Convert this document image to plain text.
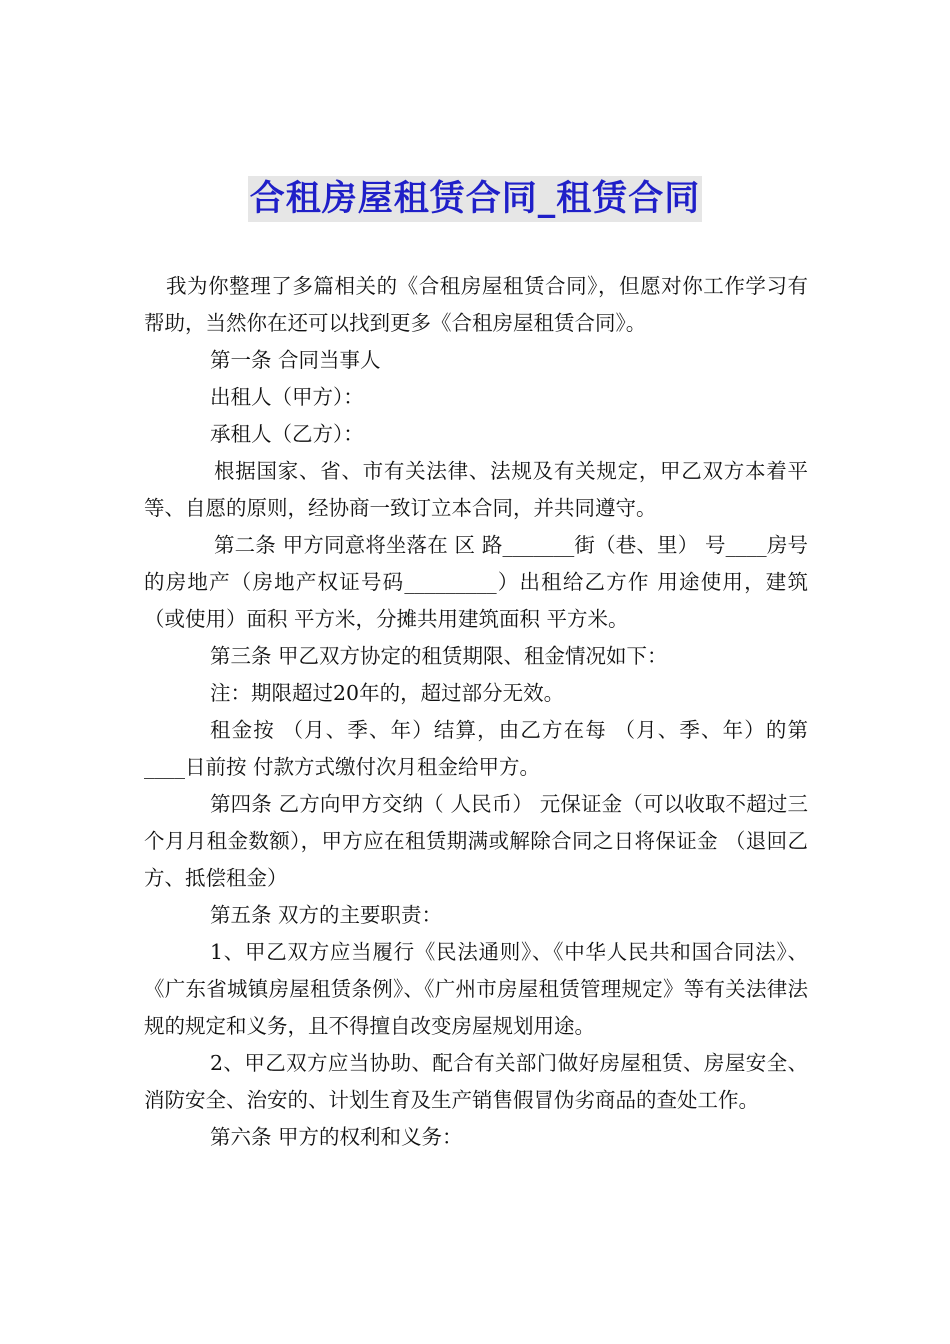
合租房屋租赁合同_租赁合同

我为你整理了多篇相关的《合租房屋租赁合同》，但愿对你工作学习有帮助，当然你在还可以找到更多《合租房屋租赁合同》。

第一条 合同当事人

出租人（甲方）：

承租人（乙方）：

根据国家、省、市有关法律、法规及有关规定，甲乙双方本着平等、自愿的原则，经协商一致订立本合同，并共同遵守。

第二条 甲方同意将坐落在 区 路_______街（巷、里） 号____房号的房地产（房地产权证号码_________）出租给乙方作 用途使用，建筑（或使用）面积 平方米，分摊共用建筑面积 平方米。

第三条 甲乙双方协定的租赁期限、租金情况如下：

注：期限超过20年的，超过部分无效。

租金按 （月、季、年）结算，由乙方在每 （月、季、年）的第____日前按 付款方式缴付次月租金给甲方。

第四条 乙方向甲方交纳（ 人民币） 元保证金（可以收取不超过三个月月租金数额），甲方应在租赁期满或解除合同之日将保证金 （退回乙方、抵偿租金）

第五条 双方的主要职责：

1、甲乙双方应当履行《民法通则》、《中华人民共和国合同法》、《广东省城镇房屋租赁条例》、《广州市房屋租赁管理规定》等有关法律法规的规定和义务，且不得擅自改变房屋规划用途。

2、甲乙双方应当协助、配合有关部门做好房屋租赁、房屋安全、消防安全、治安的、计划生育及生产销售假冒伪劣商品的查处工作。

第六条 甲方的权利和义务：
